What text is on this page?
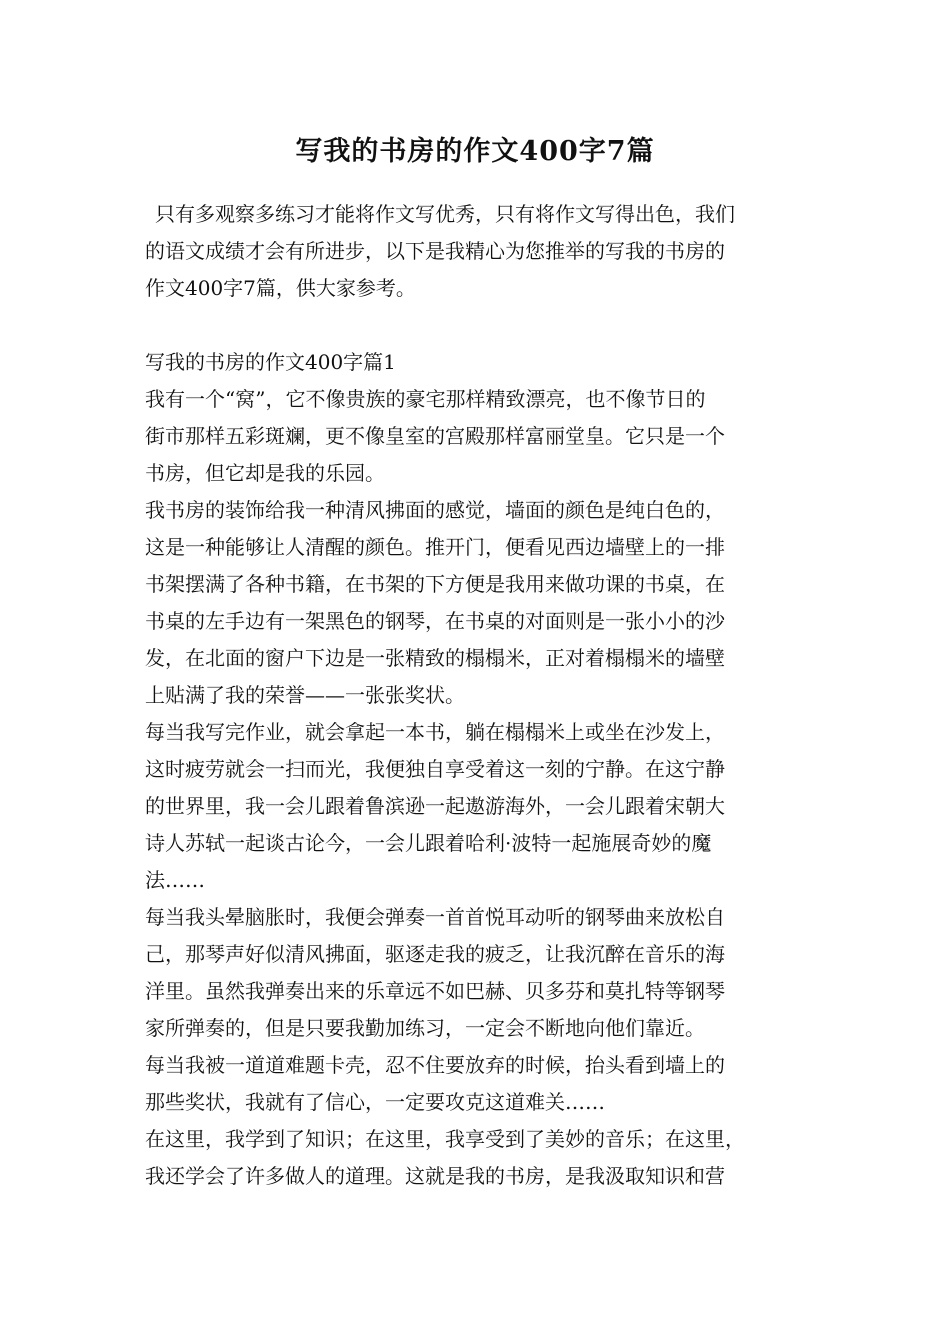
写我的书房的作文400字7篇
只有多观察多练习才能将作文写优秀，只有将作文写得出色，我们
的语文成绩才会有所进步，以下是我精心为您推举的写我的书房的
作文400字7篇，供大家参考。
写我的书房的作文400字篇1
我有一个“窝”，它不像贵族的豪宅那样精致漂亮，也不像节日的
街市那样五彩斑斓，更不像皇室的宫殿那样富丽堂皇。它只是一个
书房，但它却是我的乐园。
我书房的装饰给我一种清风拂面的感觉，墙面的颜色是纯白色的，
这是一种能够让人清醒的颜色。推开门，便看见西边墙壁上的一排
书架摆满了各种书籍，在书架的下方便是我用来做功课的书桌，在
书桌的左手边有一架黑色的钢琴，在书桌的对面则是一张小小的沙
发，在北面的窗户下边是一张精致的榻榻米，正对着榻榻米的墙壁
上贴满了我的荣誉——一张张奖状。
每当我写完作业，就会拿起一本书，躺在榻榻米上或坐在沙发上，
这时疲劳就会一扫而光，我便独自享受着这一刻的宁静。在这宁静
的世界里，我一会儿跟着鲁滨逊一起遨游海外，一会儿跟着宋朝大
诗人苏轼一起谈古论今，一会儿跟着哈利·波特一起施展奇妙的魔
法……
每当我头晕脑胀时，我便会弹奏一首首悦耳动听的钢琴曲来放松自
己，那琴声好似清风拂面，驱逐走我的疲乏，让我沉醉在音乐的海
洋里。虽然我弹奏出来的乐章远不如巴赫、贝多芬和莫扎特等钢琴
家所弹奏的，但是只要我勤加练习，一定会不断地向他们靠近。
每当我被一道道难题卡壳，忍不住要放弃的时候，抬头看到墙上的
那些奖状，我就有了信心，一定要攻克这道难关……
在这里，我学到了知识；在这里，我享受到了美妙的音乐；在这里，
我还学会了许多做人的道理。这就是我的书房，是我汲取知识和营
